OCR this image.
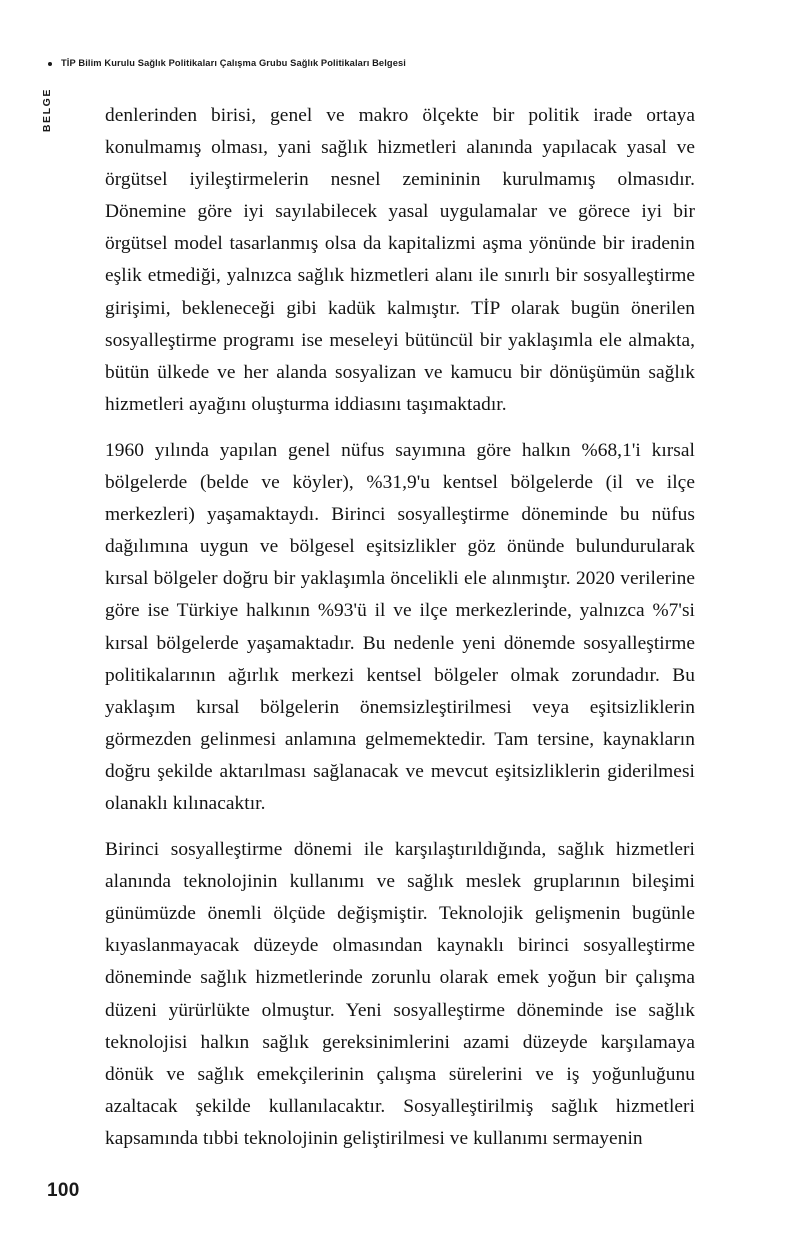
TİP Bilim Kurulu Sağlık Politikaları Çalışma Grubu Sağlık Politikaları Belgesi
BELGE	denlerinden birisi, genel ve makro ölçekte bir politik irade ortaya konulmamış olması, yani sağlık hizmetleri alanında yapılacak yasal ve örgütsel iyileştirmelerin nesnel zemininin kurulmamış olmasıdır. Dönemine göre iyi sayılabilecek yasal uygulamalar ve görece iyi bir örgütsel model tasarlanmış olsa da kapitalizmi aşma yönünde bir iradenin eşlik etmediği, yalnızca sağlık hizmetleri alanı ile sınırlı bir sosyalleştirme girişimi, bekleneceği gibi kadük kalmıştır. TİP olarak bugün önerilen sosyalleştirme programı ise meseleyi bütüncül bir yaklaşımla ele almakta, bütün ülkede ve her alanda sosyalizan ve kamucu bir dönüşümün sağlık hizmetleri ayağını oluşturma iddiasını taşımaktadır.

1960 yılında yapılan genel nüfus sayımına göre halkın %68,1'i kırsal bölgelerde (belde ve köyler), %31,9'u kentsel bölgelerde (il ve ilçe merkezleri) yaşamaktaydı. Birinci sosyalleştirme döneminde bu nüfus dağılımına uygun ve bölgesel eşitsizlikler göz önünde bulundurularak kırsal bölgeler doğru bir yaklaşımla öncelikli ele alınmıştır. 2020 verilerine göre ise Türkiye halkının %93'ü il ve ilçe merkezlerinde, yalnızca %7'si kırsal bölgelerde yaşamaktadır. Bu nedenle yeni dönemde sosyalleştirme politikalarının ağırlık merkezi kentsel bölgeler olmak zorundadır. Bu yaklaşım kırsal bölgelerin önemsizleştirilmesi veya eşitsizliklerin görmezden gelinmesi anlamına gelmemektedir. Tam tersine, kaynakların doğru şekilde aktarılması sağlanacak ve mevcut eşitsizliklerin giderilmesi olanaklı kılınacaktır.

Birinci sosyalleştirme dönemi ile karşılaştırıldığında, sağlık hizmetleri alanında teknolojinin kullanımı ve sağlık meslek gruplarının bileşimi günümüzde önemli ölçüde değişmiştir. Teknolojik gelişmenin bugünle kıyaslanmayacak düzeyde olmasından kaynaklı birinci sosyalleştirme döneminde sağlık hizmetlerinde zorunlu olarak emek yoğun bir çalışma düzeni yürürlükte olmuştur. Yeni sosyalleştirme döneminde ise sağlık teknolojisi halkın sağlık gereksinimlerini azami düzeyde karşılamaya dönük ve sağlık emekçilerinin çalışma sürelerini ve iş yoğunluğunu azaltacak şekilde kullanılacaktır. Sosyalleştirilmiş sağlık hizmetleri kapsamında tıbbi teknolojinin geliştirilmesi ve kullanımı sermayenin

100
